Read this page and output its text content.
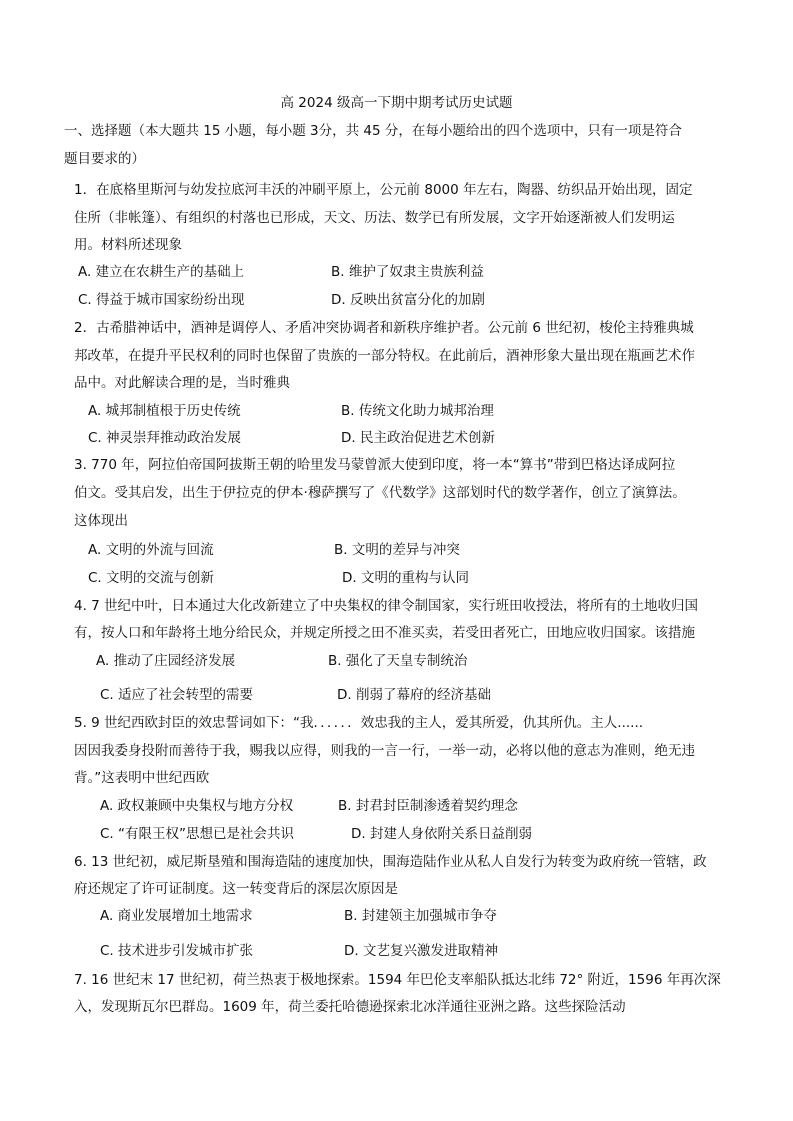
高 2024 级高一下期中期考试历史试题
一、选择题（本大题共 15 小题，每小题 3分，共 45 分，在每小题给出的四个选项中，只有一项是符合
题目要求的）
1．在底格里斯河与幼发拉底河丰沃的冲刷平原上，公元前 8000 年左右，陶器、纺织品开始出现，固定
住所（非帐篷）、有组织的村落也已形成，天文、历法、数学已有所发展，文字开始逐渐被人们发明运
用。材料所述现象
A. 建立在农耕生产的基础上	B. 维护了奴隶主贵族利益
C. 得益于城市国家纷纷出现	D. 反映出贫富分化的加剧
2．古希腊神话中，酒神是调停人、矛盾冲突协调者和新秩序维护者。公元前 6 世纪初，梭伦主持雅典城
邦改革，在提升平民权利的同时也保留了贵族的一部分特权。在此前后，酒神形象大量出现在瓶画艺术作
品中。对此解读合理的是，当时雅典
A. 城邦制植根于历史传统	B. 传统文化助力城邦治理
C. 神灵崇拜推动政治发展	D. 民主政治促进艺术创新
3. 770 年，阿拉伯帝国阿拔斯王朝的哈里发马蒙曾派大使到印度，将一本“算书”带到巴格达译成阿拉
伯文。受其启发，出生于伊拉克的伊本·穆萨撰写了《代数学》这部划时代的数学著作，创立了演算法。
这体现出
A. 文明的外流与回流	B. 文明的差异与冲突
C. 文明的交流与创新	D. 文明的重构与认同
4. 7 世纪中叶，日本通过大化改新建立了中央集权的律令制国家，实行班田收授法，将所有的土地收归国
有，按人口和年龄将土地分给民众，并规定所授之田不准买卖，若受田者死亡，田地应收归国家。该措施
A. 推动了庄园经济发展	B. 强化了天皇专制统治
C. 适应了社会转型的需要	D. 削弱了幕府的经济基础
5. 9 世纪西欧封臣的效忠誓词如下：“我．．．．．．效忠我的主人，爱其所爱，仇其所仇。主人......
因因我委身投附而善待于我，赐我以应得，则我的一言一行，一举一动，必将以他的意志为准则，绝无违
背。”这表明中世纪西欧
A. 政权兼顾中央集权与地方分权	B. 封君封臣制渗透着契约理念
C. “有限王权”思想已是社会共识	D. 封建人身依附关系日益削弱
6. 13 世纪初，威尼斯垦殖和围海造陆的速度加快，围海造陆作业从私人自发行为转变为政府统一管辖，政
府还规定了许可证制度。这一转变背后的深层次原因是
A. 商业发展增加土地需求	B. 封建领主加强城市争夺
C. 技术进步引发城市扩张	D. 文艺复兴激发进取精神
7. 16 世纪末 17 世纪初，荷兰热衷于极地探索。1594 年巴伦支率船队抵达北纬 72° 附近，1596 年再次深
入，发现斯瓦尔巴群岛。1609 年，荷兰委托哈德逊探索北冰洋通往亚洲之路。这些探险活动
